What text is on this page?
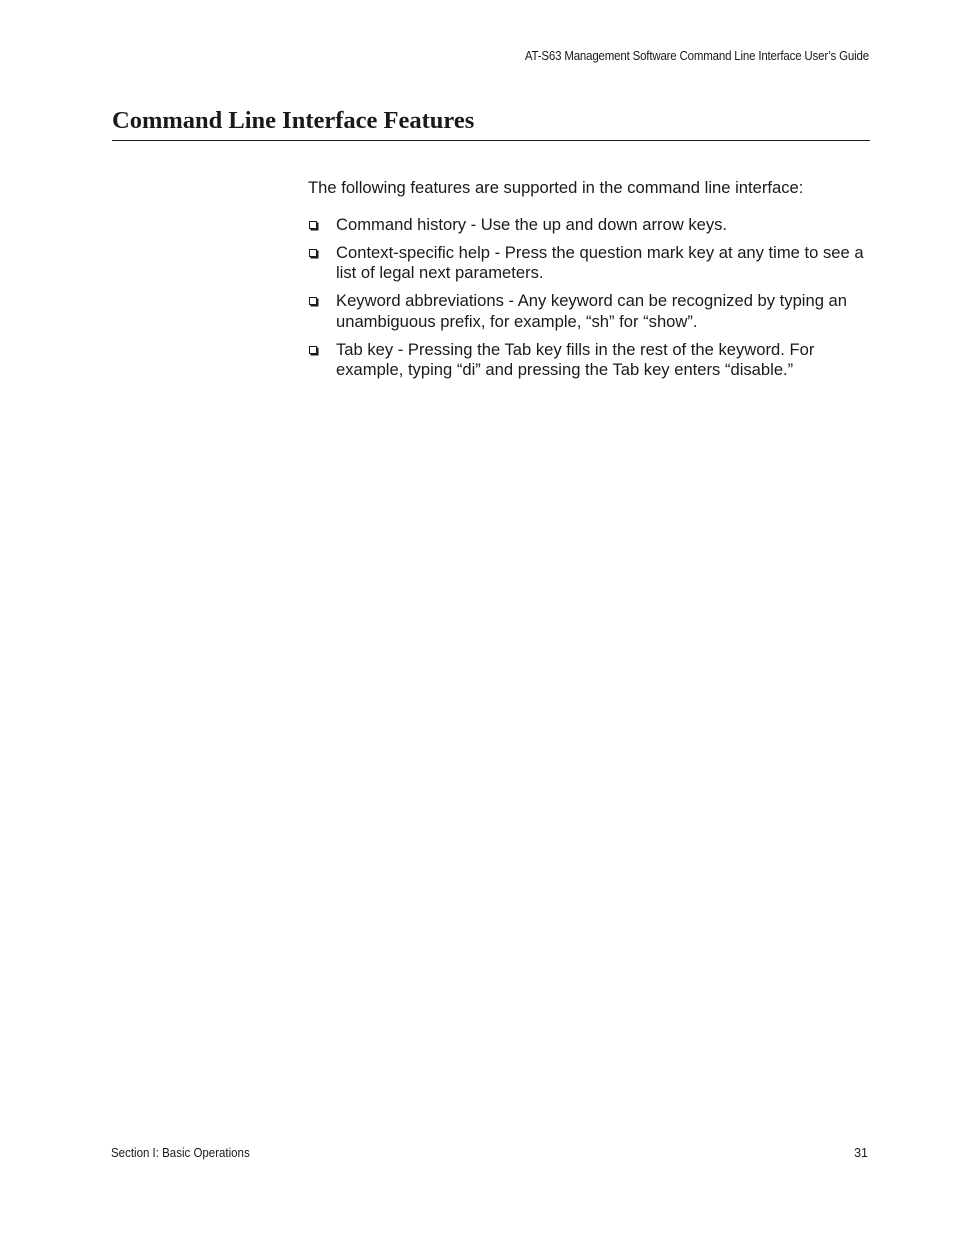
AT-S63 Management Software Command Line Interface User’s Guide
Command Line Interface Features

The following features are supported in the command line interface:

Command history - Use the up and down arrow keys.
Context-specific help - Press the question mark key at any time to see a list of legal next parameters.
Keyword abbreviations - Any keyword can be recognized by typing an unambiguous prefix, for example, “sh” for “show”.
Tab key - Pressing the Tab key fills in the rest of the keyword. For example, typing “di” and pressing the Tab key enters “disable.”
Section I: Basic Operations	31
